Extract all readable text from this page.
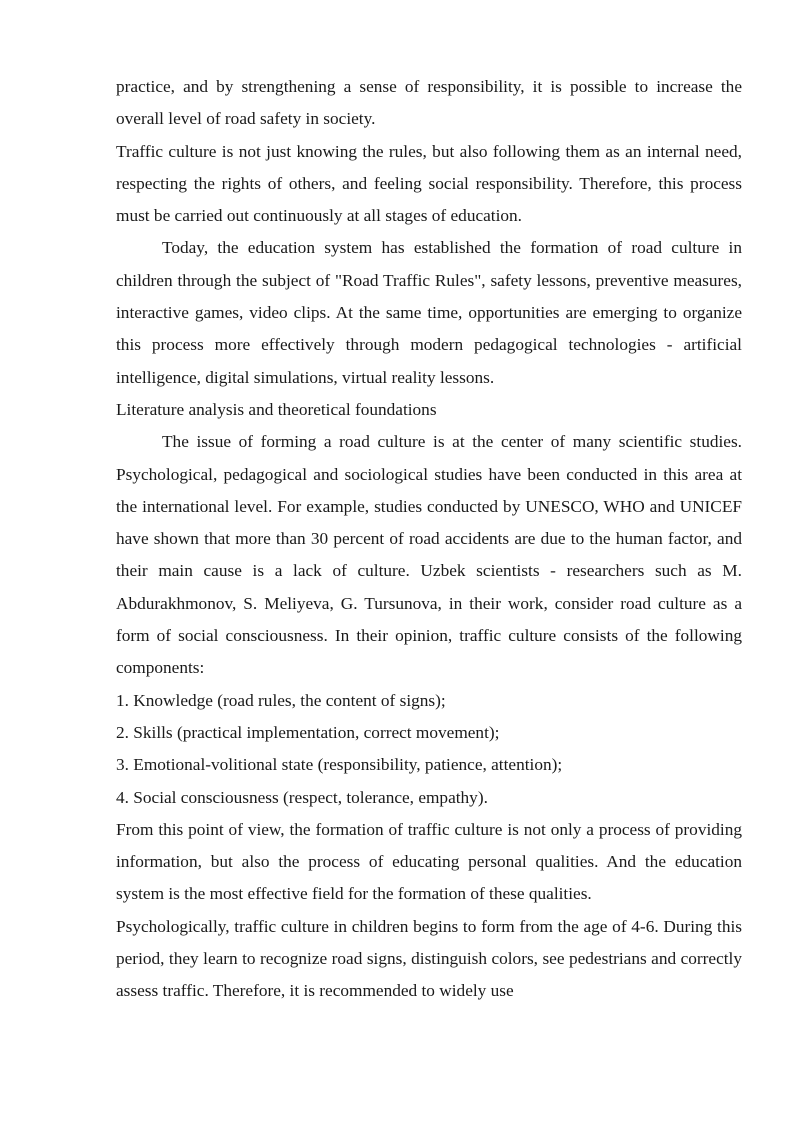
practice, and by strengthening a sense of responsibility, it is possible to increase the overall level of road safety in society.

Traffic culture is not just knowing the rules, but also following them as an internal need, respecting the rights of others, and feeling social responsibility. Therefore, this process must be carried out continuously at all stages of education.

Today, the education system has established the formation of road culture in children through the subject of "Road Traffic Rules", safety lessons, preventive measures, interactive games, video clips. At the same time, opportunities are emerging to organize this process more effectively through modern pedagogical technologies - artificial intelligence, digital simulations, virtual reality lessons.

Literature analysis and theoretical foundations

The issue of forming a road culture is at the center of many scientific studies. Psychological, pedagogical and sociological studies have been conducted in this area at the international level. For example, studies conducted by UNESCO, WHO and UNICEF have shown that more than 30 percent of road accidents are due to the human factor, and their main cause is a lack of culture. Uzbek scientists - researchers such as M. Abdurakhmonov, S. Meliyeva, G. Tursunova, in their work, consider road culture as a form of social consciousness. In their opinion, traffic culture consists of the following components:

1. Knowledge (road rules, the content of signs);
2. Skills (practical implementation, correct movement);
3. Emotional-volitional state (responsibility, patience, attention);
4. Social consciousness (respect, tolerance, empathy).

From this point of view, the formation of traffic culture is not only a process of providing information, but also the process of educating personal qualities. And the education system is the most effective field for the formation of these qualities.

Psychologically, traffic culture in children begins to form from the age of 4-6. During this period, they learn to recognize road signs, distinguish colors, see pedestrians and correctly assess traffic. Therefore, it is recommended to widely use
